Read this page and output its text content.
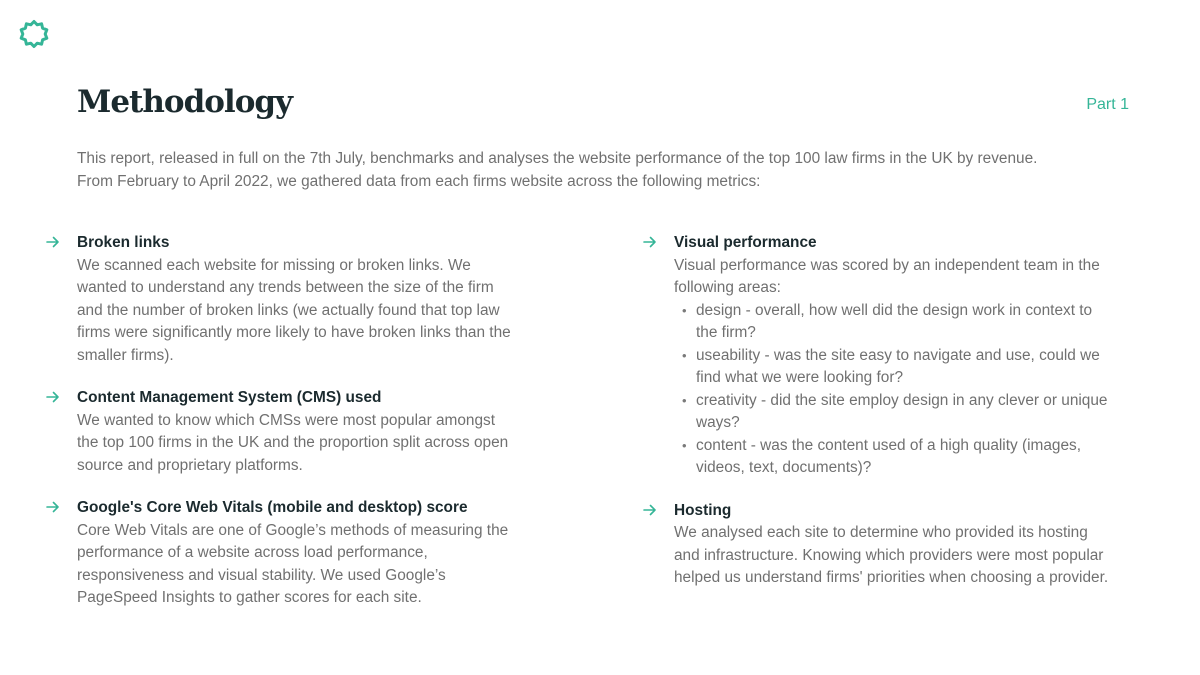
Methodology	Part 1

This report, released in full on the 7th July, benchmarks and analyses the website performance of the top 100 law firms in the UK by revenue.

From February to April 2022, we gathered data from each firms website across the following metrics:

Broken links

We scanned each website for missing or broken links. We
wanted to understand any trends between the size of the firm
and the number of broken links (we actually found that top law
firms were significantly more likely to have broken links than the
smaller firms).

Content Management System (CMS) used

We wanted to know which CMSs were most popular amongst
the top 100 firms in the UK and the proportion split across open
source and proprietary platforms.

Google's Core Web Vitals (mobile and desktop) score

Core Web Vitals are one of Google’s methods of measuring the
performance of a website across load performance,
responsiveness and visual stability. We used Google’s
PageSpeed Insights to gather scores for each site.

Visual performance

Visual performance was scored by an independent team in the
following areas:

• design - overall, how well did the design work in context to
the firm?
• useability - was the site easy to navigate and use, could we
find what we were looking for?
• creativity - did the site employ design in any clever or unique
ways?
• content - was the content used of a high quality (images,
videos, text, documents)?

Hosting

We analysed each site to determine who provided its hosting
and infrastructure. Knowing which providers were most popular
helped us understand firms' priorities when choosing a provider.
